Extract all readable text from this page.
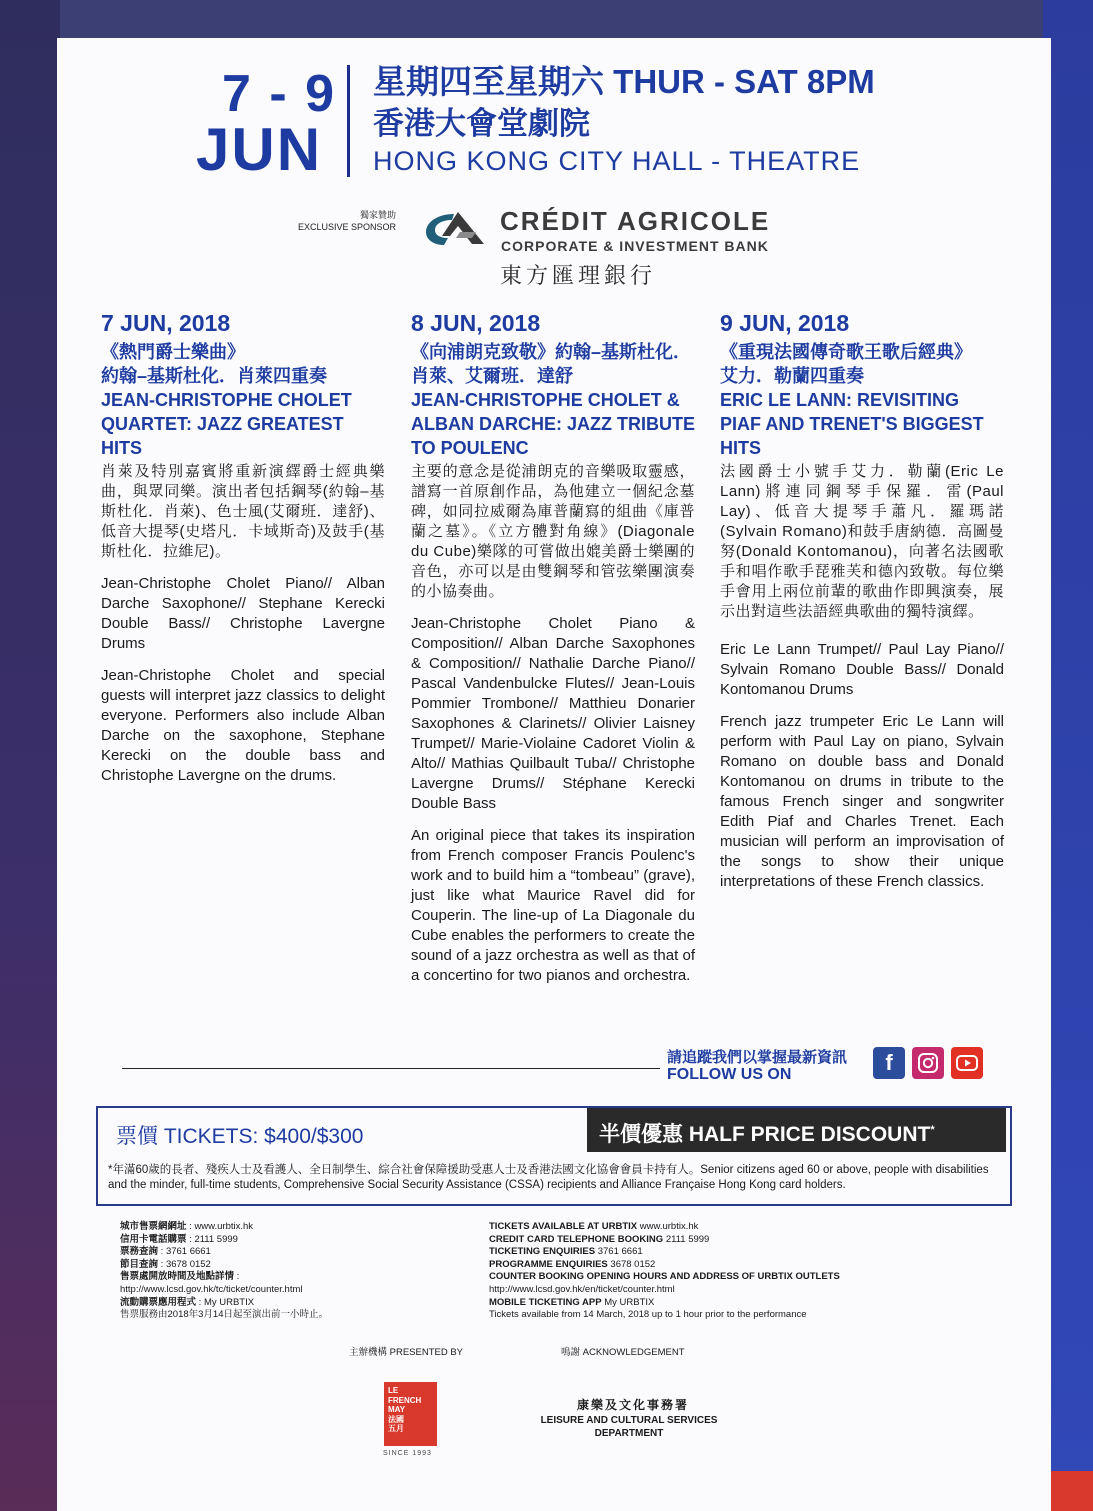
7 - 9
JUN
星期四至星期六 THUR - SAT 8PM
香港大會堂劇院
HONG KONG CITY HALL - THEATRE
獨家贊助
EXCLUSIVE SPONSOR	CRÉDIT AGRICOLE
CORPORATE & INVESTMENT BANK
東方匯理銀行
7 JUN, 2018
《熱門爵士樂曲》
約翰–基斯杜化．肖萊四重奏
JEAN-CHRISTOPHE CHOLET QUARTET: JAZZ GREATEST HITS
肖萊及特別嘉賓將重新演繹爵士經典樂曲，與眾同樂。演出者包括鋼琴(約翰–基斯杜化．肖萊)、色士風(艾爾班．達舒)、低音大提琴(史塔凡．卡域斯奇)及鼓手(基斯杜化．拉維尼)。
Jean-Christophe Cholet Piano// Alban Darche Saxophone// Stephane Kerecki Double Bass// Christophe Lavergne Drums
Jean-Christophe Cholet and special guests will interpret jazz classics to delight everyone. Performers also include Alban Darche on the saxophone, Stephane Kerecki on the double bass and Christophe Lavergne on the drums.
8 JUN, 2018
《向浦朗克致敬》約翰–基斯杜化．
肖萊、艾爾班．達舒
JEAN-CHRISTOPHE CHOLET & ALBAN DARCHE: JAZZ TRIBUTE TO POULENC
主要的意念是從浦朗克的音樂吸取靈感，譜寫一首原創作品，為他建立一個紀念墓碑，如同拉威爾為庫普蘭寫的組曲《庫普蘭之墓》。《立方體對角線》(Diagonale du Cube)樂隊的可嘗做出媲美爵士樂團的音色，亦可以是由雙鋼琴和管弦樂團演奏的小協奏曲。
Jean-Christophe Cholet Piano & Composition// Alban Darche Saxophones & Composition// Nathalie Darche Piano// Pascal Vandenbulcke Flutes// Jean-Louis Pommier Trombone// Matthieu Donarier Saxophones & Clarinets// Olivier Laisney Trumpet// Marie-Violaine Cadoret Violin & Alto// Mathias Quilbault Tuba// Christophe Lavergne Drums// Stéphane Kerecki Double Bass
An original piece that takes its inspiration from French composer Francis Poulenc's work and to build him a “tombeau” (grave), just like what Maurice Ravel did for Couperin. The line-up of La Diagonale du Cube enables the performers to create the sound of a jazz orchestra as well as that of a concertino for two pianos and orchestra.
9 JUN, 2018
《重現法國傳奇歌王歌后經典》
艾力．勒蘭四重奏
ERIC LE LANN: REVISITING PIAF AND TRENET'S BIGGEST HITS
法國爵士小號手艾力．勒蘭(Eric Le Lann)將連同鋼琴手保羅．雷(Paul Lay)、低音大提琴手蕭凡．羅瑪諾(Sylvain Romano)和鼓手唐納德．高圖曼努(Donald Kontomanou)，向著名法國歌手和唱作歌手琵雅芙和德內致敬。每位樂手會用上兩位前輩的歌曲作即興演奏，展示出對這些法語經典歌曲的獨特演繹。
Eric Le Lann Trumpet// Paul Lay Piano// Sylvain Romano Double Bass// Donald Kontomanou Drums
French jazz trumpeter Eric Le Lann will perform with Paul Lay on piano, Sylvain Romano on double bass and Donald Kontomanou on drums in tribute to the famous French singer and songwriter Edith Piaf and Charles Trenet. Each musician will perform an improvisation of the songs to show their unique interpretations of these French classics.
請追蹤我們以掌握最新資訊
FOLLOW US ON	f
票價 TICKETS: $400/$300	半價優惠 HALF PRICE DISCOUNT*
*年滿60歲的長者、殘疾人士及看護人、全日制學生、綜合社會保障援助受惠人士及香港法國文化協會會員卡持有人。Senior citizens aged 60 or above, people with disabilities and the minder, full-time students, Comprehensive Social Security Assistance (CSSA) recipients and Alliance Française Hong Kong card holders.
城市售票網網址 : www.urbtix.hk
信用卡電話購票 : 2111 5999
票務查詢 : 3761 6661
節目查詢 : 3678 0152
售票處開放時間及地點詳情 :
http://www.lcsd.gov.hk/tc/ticket/counter.html
流動購票應用程式 : My URBTIX
售票服務由2018年3月14日起至演出前一小時止。
TICKETS AVAILABLE AT URBTIX www.urbtix.hk
CREDIT CARD TELEPHONE BOOKING 2111 5999
TICKETING ENQUIRIES 3761 6661
PROGRAMME ENQUIRIES 3678 0152
COUNTER BOOKING OPENING HOURS AND ADDRESS OF URBTIX OUTLETS
http://www.lcsd.gov.hk/en/ticket/counter.html
MOBILE TICKETING APP My URBTIX
Tickets available from 14 March, 2018 up to 1 hour prior to the performance
主辦機構 PRESENTED BY	鳴謝 ACKNOWLEDGEMENT
LE
FRENCH
MAY
法國
五月
SINCE 1993
康樂及文化事務署
LEISURE AND CULTURAL SERVICES
DEPARTMENT
